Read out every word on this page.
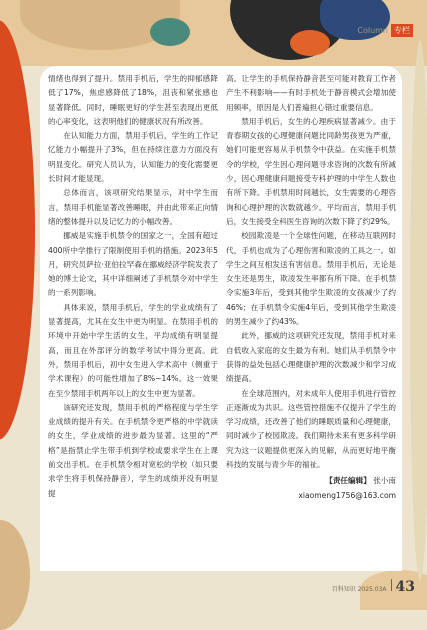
Column 专栏

情绪也得到了提升。禁用手机后，学生的抑郁感降低了17%，焦虑感降低了18%，沮丧和紧张感也显著降低。同时，睡眠更好的学生甚至表现出更低的心率变化，这表明他们的健康状况有所改善。

在认知能力方面，禁用手机后，学生的工作记忆能力小幅提升了3%，但在持续注意力方面没有明显变化。研究人员认为，认知能力的变化需要更长时间才能显现。

总体而言，该项研究结果显示，对中学生而言，禁用手机能显著改善睡眠，并由此带来正向情绪的整体提升以及记忆力的小幅改善。

挪威是实施手机禁令的国家之一，全国有超过400所中学推行了限制使用手机的措施。2023年5月，研究员萨拉·亚伯拉罕森在挪威经济学院发表了她的博士论文，其中详细阐述了手机禁令对中学生的一系列影响。

具体来说，禁用手机后，学生的学业成绩有了显著提高，尤其在女生中更为明显。在禁用手机的环境中开始中学生活的女生，平均成绩有明显提高，而且在外部评分的数学考试中得分更高。此外，禁用手机后，初中女生进入学术高中（侧重于学术课程）的可能性增加了8%~14%。这一效果在至少禁用手机两年以上的女生中更为显著。

该研究还发现，禁用手机的严格程度与学生学业成绩的提升有关。在手机禁令更严格的中学就读的女生，学业成绩的进步最为显著。这里的“严格”是指禁止学生带手机到学校或要求学生在上课前交出手机。在手机禁令相对宽松的学校（如只要求学生将手机保持静音），学生的成绩并没有明显提

高。让学生的手机保持静音甚至可能对教育工作者产生不利影响——有时手机处于静音模式会增加使用频率，原因是人们普遍担心错过重要信息。

禁用手机后，女生的心理疾病显著减少。由于青春期女孩的心理健康问题比同龄男孩更为严重，她们可能更容易从手机禁令中获益。在实施手机禁令的学校，学生因心理问题寻求咨询的次数有所减少，因心理健康问题接受专科护理的中学生人数也有所下降。手机禁用时间越长，女生需要的心理咨询和心理护理的次数就越少。平均而言，禁用手机后，女生接受全科医生咨询的次数下降了约29%。

校园欺凌是一个全球性问题，在移动互联网时代，手机也成为了心理伤害和欺凌的工具之一。如学生之间互相发送有害信息。禁用手机后，无论是女生还是男生，欺凌发生率都有所下降。在手机禁令实施3年后，受到其他学生欺凌的女孩减少了约46%；在手机禁令实施4年后，受到其他学生欺凌的男生减少了约43%。

此外，挪威的这项研究还发现，禁用手机对来自低收入家庭的女生最为有利。她们从手机禁令中获得的益处包括心理健康护理的次数减少和学习成绩提高。

在全球范围内，对未成年人使用手机进行管控正逐渐成为共识。这些管控措施不仅提升了学生的学习成绩，还改善了他们的睡眠质量和心理健康，同时减少了校园欺凌。我们期待未来有更多科学研究为这一议题提供更深入的见解，从而更好地平衡科技的发展与青少年的福祉。

【责任编辑】 张小南
xiaomeng1756@163.com
百科知识 2025.03A 43
